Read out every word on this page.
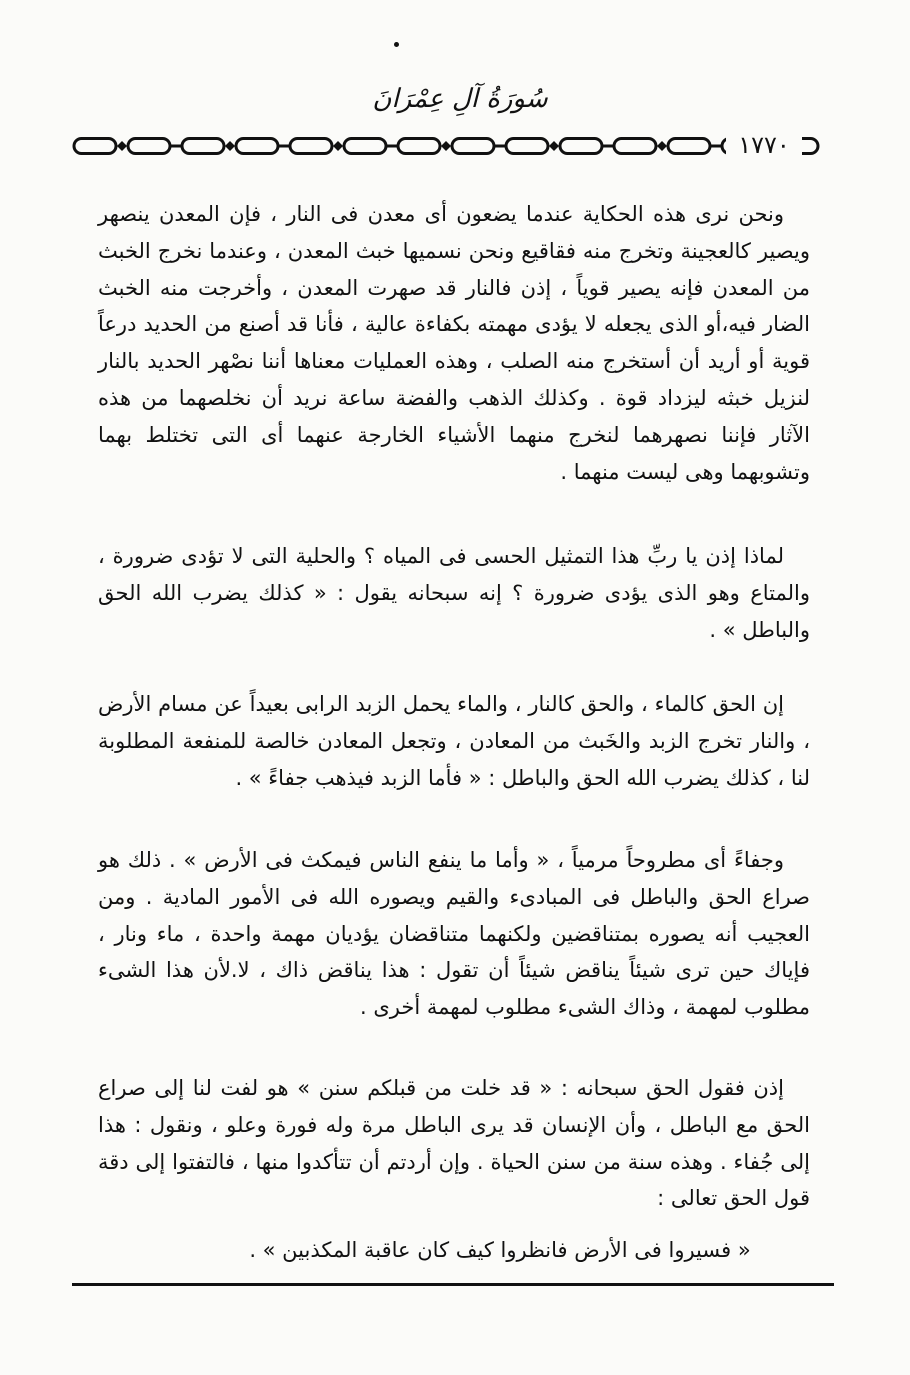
سُورَةُ آلِ عِمْرَانَ
١٧٧٠

ونحن نرى هذه الحكاية عندما يضعون أى معدن فى النار ، فإن المعدن ينصهر ويصير كالعجينة وتخرج منه فقاقيع ونحن نسميها خبث المعدن ، وعندما نخرج الخبث من المعدن فإنه يصير قوياً ، إذن فالنار قد صهرت المعدن ، وأخرجت منه الخبث الضار فيه،أو الذى يجعله لا يؤدى مهمته بكفاءة عالية ، فأنا قد أصنع من الحديد درعاً قوية أو أريد أن أستخرج منه الصلب ، وهذه العمليات معناها أننا نصْهر الحديد بالنار لنزيل خبثه ليزداد قوة . وكذلك الذهب والفضة ساعة نريد أن نخلصهما من هذه الآثار فإننا نصهرهما لنخرج منهما الأشياء الخارجة عنهما أى التى تختلط بهما وتشوبهما وهى ليست منهما .

لماذا إذن يا ربِّ هذا التمثيل الحسى فى المياه ؟ والحلية التى لا تؤدى ضرورة ، والمتاع وهو الذى يؤدى ضرورة ؟ إنه سبحانه يقول : « كذلك يضرب الله الحق والباطل » .

إن الحق كالماء ، والحق كالنار ، والماء يحمل الزبد الرابى بعيداً عن مسام الأرض ، والنار تخرج الزبد والخَبث من المعادن ، وتجعل المعادن خالصة للمنفعة المطلوبة لنا ، كذلك يضرب الله الحق والباطل : « فأما الزبد فيذهب جفاءً » .

وجفاءً أى مطروحاً مرمياً ، « وأما ما ينفع الناس فيمكث فى الأرض » . ذلك هو صراع الحق والباطل فى المبادىء والقيم ويصوره الله فى الأمور المادية . ومن العجيب أنه يصوره بمتناقضين ولكنهما متناقضان يؤديان مهمة واحدة ، ماء ونار ، فإياك حين ترى شيئاً يناقض شيئاً أن تقول : هذا يناقض ذاك ، لا.لأن هذا الشىء مطلوب لمهمة ، وذاك الشىء مطلوب لمهمة أخرى .

إذن فقول الحق سبحانه : « قد خلت من قبلكم سنن » هو لفت لنا إلى صراع الحق مع الباطل ، وأن الإنسان قد يرى الباطل مرة وله فورة وعلو ، ونقول : هذا إلى جُفاء . وهذه سنة من سنن الحياة . وإن أردتم أن تتأكدوا منها ، فالتفتوا إلى دقة قول الحق تعالى :

« فسيروا فى الأرض فانظروا كيف كان عاقبة المكذبين » .
